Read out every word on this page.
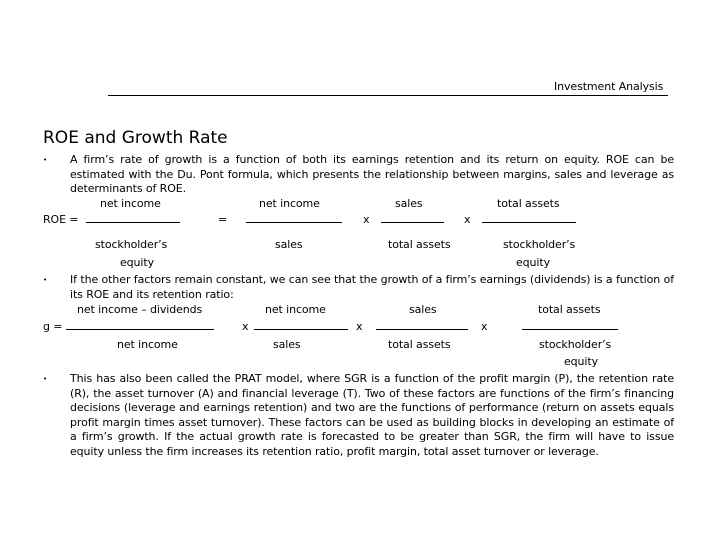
Investment Analysis
ROE and Growth Rate
• A firm’s rate of growth is a function of both its earnings retention and its return on equity. ROE can be estimated with the Du. Pont formula, which presents the relationship between margins, sales and leverage as determinants of ROE.
net income	net income	sales	total assets
ROE =	=	x	x
stockholder’s
equity
sales	total assets	stockholder’s
equity
• If the other factors remain constant, we can see that the growth of a firm’s earnings (dividends) is a function of its ROE and its retention ratio:
net income – dividends	net income	sales	total assets
g =	x	x	x
net income	sales	total assets	stockholder’s
equity
• This has also been called the PRAT model, where SGR is a function of the profit margin (P), the retention rate (R), the asset turnover (A) and financial leverage (T). Two of these factors are functions of the firm’s financing decisions (leverage and earnings retention) and two are the functions of performance (return on assets equals profit margin times asset turnover). These factors can be used as building blocks in developing an estimate of a firm’s growth. If the actual growth rate is forecasted to be greater than SGR, the firm will have to issue equity unless the firm increases its retention ratio, profit margin, total asset turnover or leverage.
